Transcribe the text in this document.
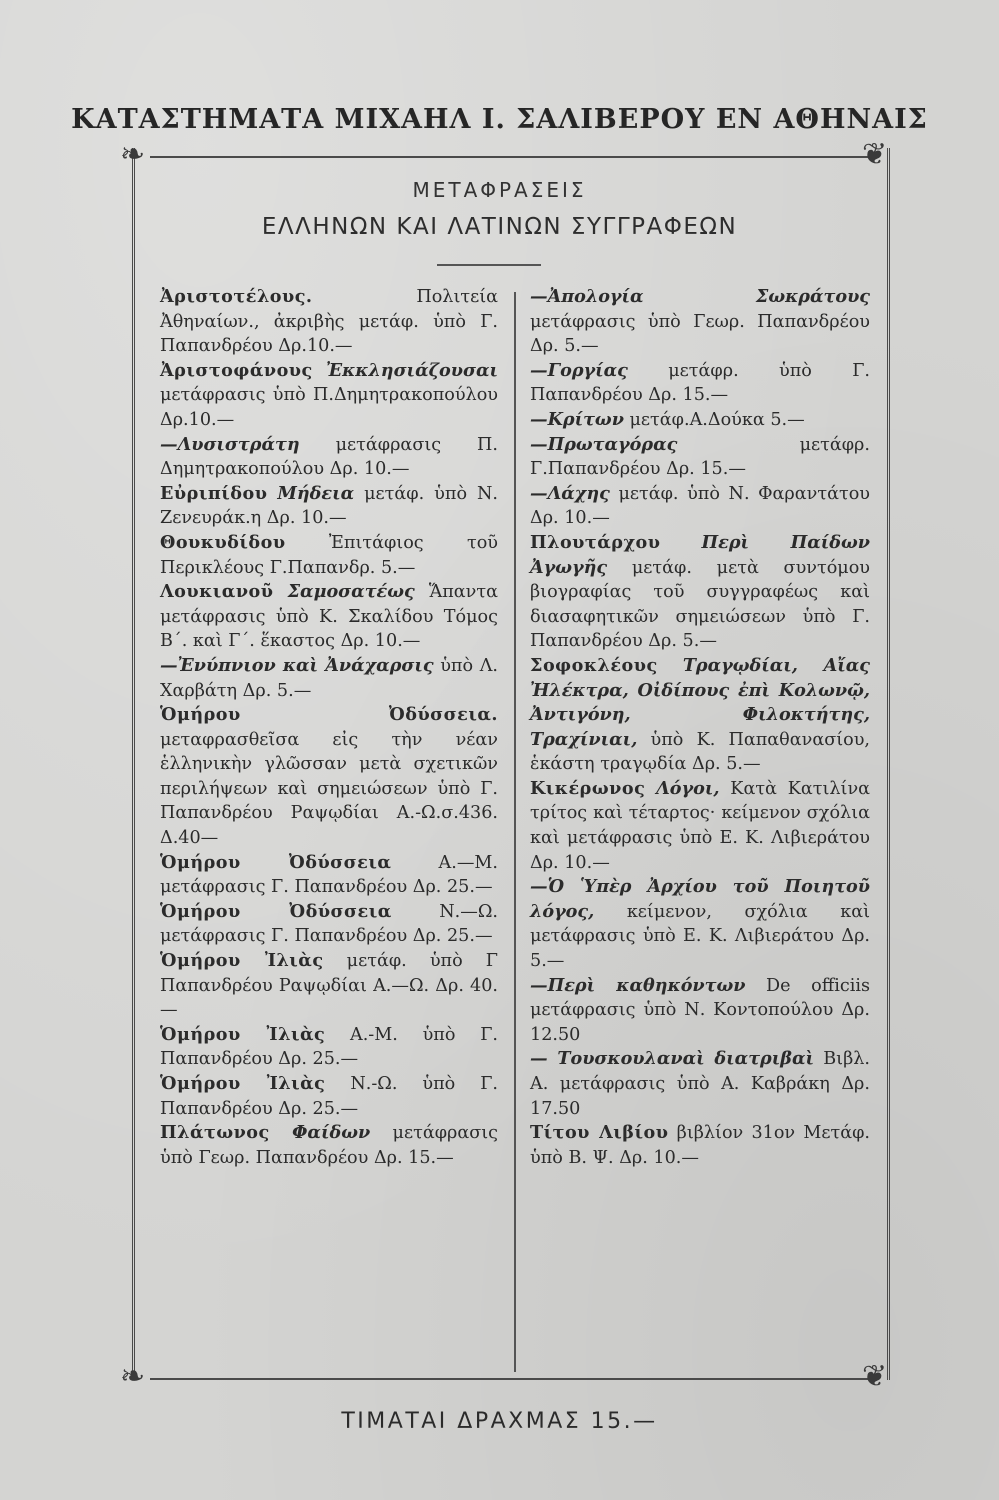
ΚΑΤΑΣΤΗΜΑΤΑ ΜΙΧΑΗΛ Ι. ΣΑΛΙΒΕΡΟΥ ΕΝ ΑΘΗΝΑΙΣ
❧	❦
❧	❦
ΜΕΤΑΦΡΑΣΕΙΣ
ΕΛΛΗΝΩΝ ΚΑΙ ΛΑΤΙΝΩΝ ΣΥΓΓΡΑΦΕΩΝ

Ἀριστοτέλους.	Πολιτεία Ἀθηναίων., ἀκριβὴς μετάφ. ὑπὸ Γ. Παπανδρέου Δρ.10.—

Ἀριστοφάνους Ἐκκλησιάζουσαι μετάφρασις ὑπὸ Π.Δημητρακοπούλου Δρ.10.—

—Λυσιστράτη μετάφρασις Π. Δημητρακοπούλου Δρ. 10.—

Εὐριπίδου Μήδεια μετάφ. ὑπὸ Ν. Ζενευράκ.η Δρ. 10.—

Θουκυδίδου Ἐπιτάφιος τοῦ Περικλέους Γ.Παπανδρ. 5.—

Λουκιανοῦ Σαμοσατέως Ἅπαντα μετάφρασις ὑπὸ Κ. Σκαλίδου Τόμος Β΄. καὶ Γ΄. ἕκαστος Δρ. 10.—

—Ἐνύπνιον καὶ Ἀνάχαρσις ὑπὸ Λ. Χαρβάτη Δρ. 5.—

Ὁμήρου Ὀδύσσεια. μεταφρασθεῖσα εἰς τὴν νέαν ἑλληνικὴν γλῶσσαν μετὰ σχετικῶν περιλήψεων καὶ σημειώσεων ὑπὸ Γ. Παπανδρέου Ραψῳδίαι Α.-Ω.σ.436. Δ.40—

Ὁμήρου Ὀδύσσεια	Α.—Μ. μετάφρασις Γ. Παπανδρέου Δρ. 25.—

Ὁμήρου Ὀδύσσεια	Ν.—Ω. μετάφρασις Γ. Παπανδρέου Δρ. 25.—

Ὁμήρου Ἰλιὰς μετάφ. ὑπὸ Γ Παπανδρέου Ραψῳδίαι Α.—Ω. Δρ. 40.—

Ὁμήρου Ἰλιὰς Α.-Μ. ὑπὸ Γ. Παπανδρέου Δρ. 25.—

Ὁμήρου Ἰλιὰς Ν.-Ω. ὑπὸ Γ. Παπανδρέου Δρ. 25.—

Πλάτωνος Φαίδων μετάφρασις ὑπὸ Γεωρ. Παπανδρέου Δρ. 15.—

—Ἀπολογία Σωκράτους μετάφρασις ὑπὸ Γεωρ. Παπανδρέου Δρ. 5.—

—Γοργίας μετάφρ. ὑπὸ Γ. Παπανδρέου Δρ. 15.—

—Κρίτων μετάφ.Α.Δούκα 5.—

—Πρωταγόρας	μετάφρ. Γ.Παπανδρέου Δρ. 15.—

—Λάχης μετάφ. ὑπὸ Ν. Φαραντάτου Δρ. 10.—

Πλουτάρχου Περὶ Παίδων Ἀγωγῆς μετάφ. μετὰ συντόμου βιογραφίας τοῦ συγγραφέως καὶ διασαφητικῶν σημειώσεων ὑπὸ Γ. Παπανδρέου Δρ. 5.—

Σοφοκλέους Τραγῳδίαι, Αἴας Ἠλέκτρα, Οἰδίπους ἐπὶ Κολωνῷ, Ἀντιγόνη, Φιλοκτήτης, Τραχίνιαι, ὑπὸ Κ. Παπαθανασίου, ἑκάστη τραγῳδία Δρ. 5.—

Κικέρωνος Λόγοι, Κατὰ Κατιλίνα τρίτος καὶ τέταρτος· κείμενον σχόλια καὶ μετάφρασις ὑπὸ Ε. Κ. Λιβιεράτου Δρ. 10.—

—Ὁ Ὑπὲρ Ἀρχίου τοῦ Ποιητοῦ λόγος, κείμενον, σχόλια καὶ μετάφρασις ὑπὸ Ε. Κ. Λιβιεράτου Δρ. 5.—

—Περὶ καθηκόντων De officiis μετάφρασις ὑπὸ Ν. Κοντοπούλου Δρ. 12.50

— Τουσκουλαναὶ διατριβαὶ Βιβλ. Α. μετάφρασις ὑπὸ Α. Καβράκη Δρ. 17.50

Τίτου Λιβίου βιβλίον 31ον Μετάφ. ὑπὸ Β. Ψ. Δρ. 10.—

ΤΙΜΑΤΑΙ ΔΡΑΧΜΑΣ 15.—
